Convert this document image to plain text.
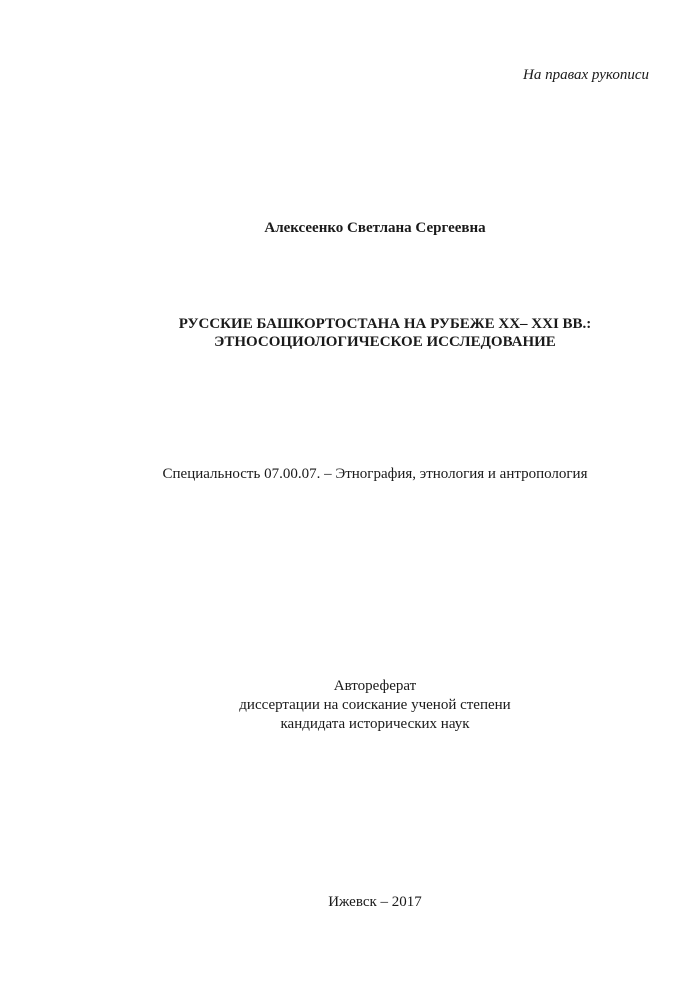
На правах рукописи
Алексеенко Светлана Сергеевна
РУССКИЕ БАШКОРТОСТАНА НА РУБЕЖЕ XX– XXI ВВ.:
ЭТНОСОЦИОЛОГИЧЕСКОЕ ИССЛЕДОВАНИЕ
Специальность 07.00.07. – Этнография, этнология и антропология
Автореферат
диссертации на соискание ученой степени
кандидата исторических наук
Ижевск – 2017
